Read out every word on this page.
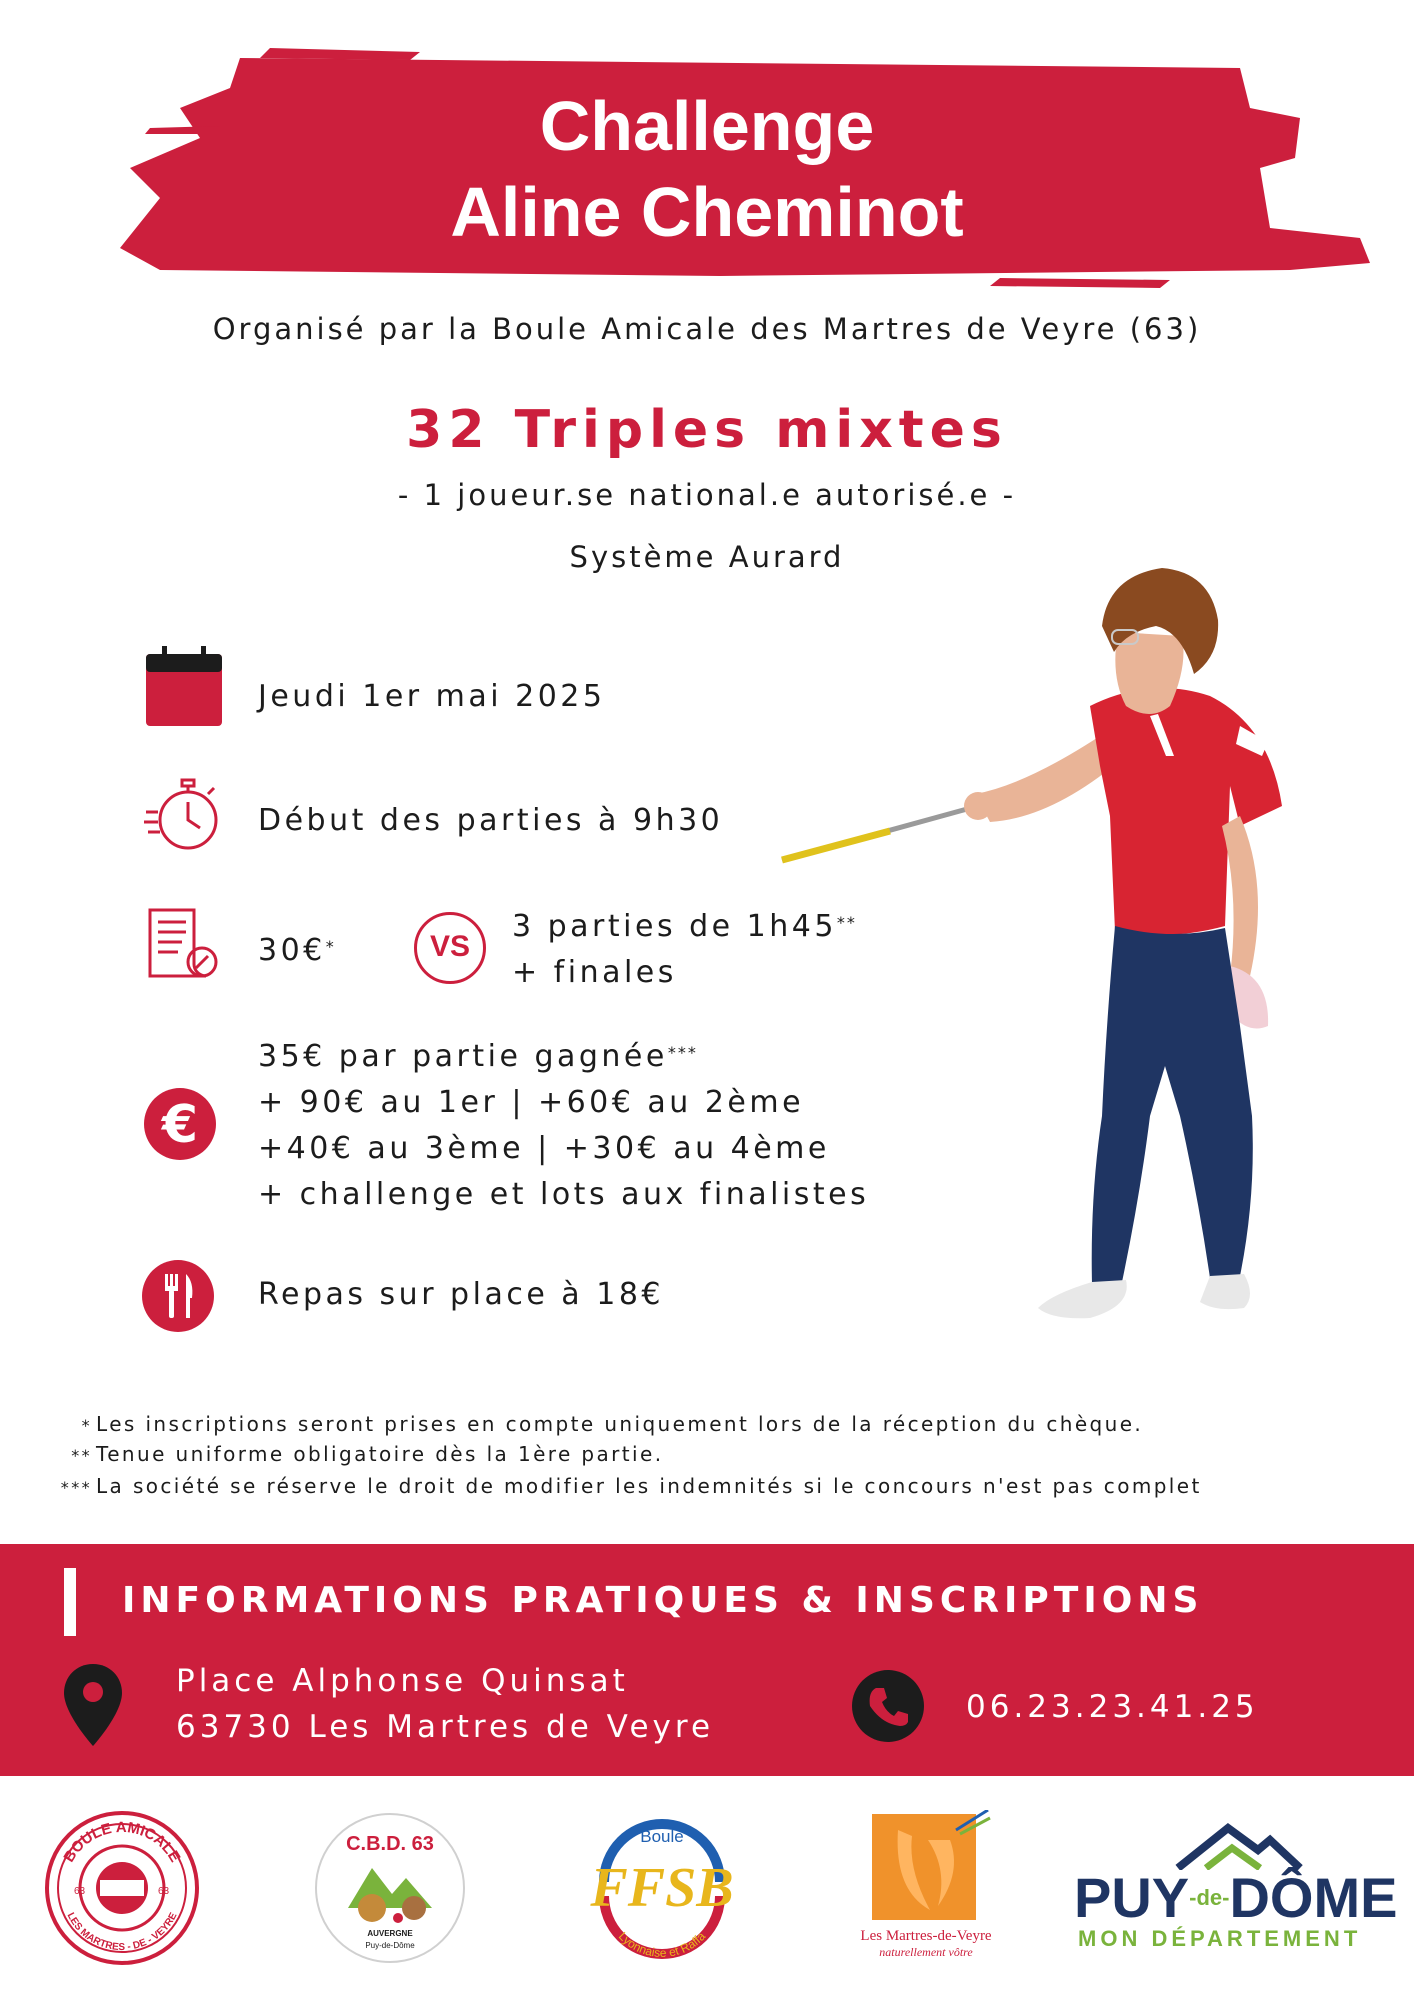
Challenge
Aline Cheminot
Organisé par la Boule Amicale des Martres de Veyre (63)
32 Triples mixtes
- 1 joueur.se national.e autorisé.e -
Système Aurard
Jeudi 1er mai 2025
Début des parties à 9h30
30€*	VS
3 parties de 1h45**
+ finales
€
35€ par partie gagnée***
+ 90€ au 1er | +60€ au 2ème
+40€ au 3ème | +30€ au 4ème
+ challenge et lots aux finalistes
Repas sur place à 18€
* Les inscriptions seront prises en compte uniquement lors de la réception du chèque.
** Tenue uniforme obligatoire dès la 1ère partie.
*** La société se réserve le droit de modifier les indemnités si le concours n'est pas complet
INFORMATIONS PRATIQUES & INSCRIPTIONS
Place Alphonse Quinsat
63730 Les Martres de Veyre
06.23.23.41.25
BOULE AMICALE
LES MARTRES - DE - VEYRE
63	63
C.B.D. 63
AUVERGNE
Puy-de-Dôme
Boule
FFSB
Lyonnaise et Raffa	Les Martres-de-Veyre
naturellement vôtre
$PUY^{-de-}DÔME$
MON DÉPARTEMENT
